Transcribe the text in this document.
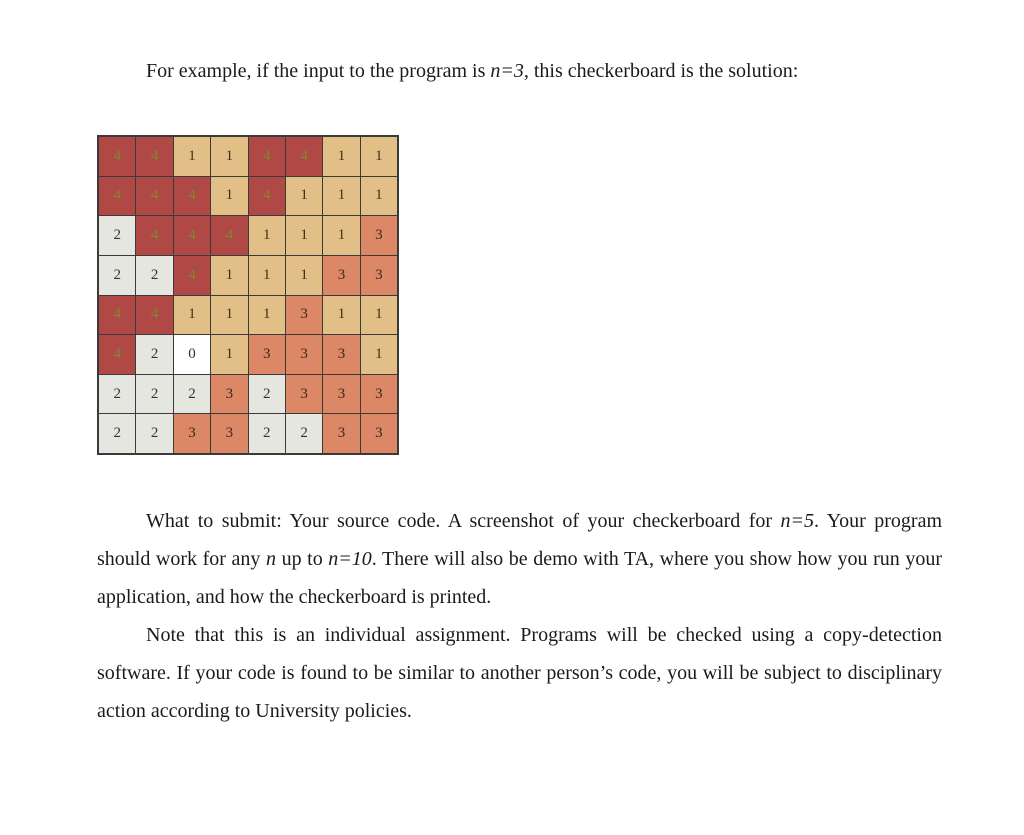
For example, if the input to the program is n=3, this checkerboard is the solution:

4	4	1	1	4	4	1	1
4	4	4	1	4	1	1	1
2	4	4	4	1	1	1	3
2	2	4	1	1	1	3	3
4	4	1	1	1	3	1	1
4	2	0	1	3	3	3	1
2	2	2	3	2	3	3	3
2	2	3	3	2	2	3	3

What to submit: Your source code. A screenshot of your checkerboard for n=5. Your program should work for any n up to n=10. There will also be demo with TA, where you show how you run your application, and how the checkerboard is printed.

Note that this is an individual assignment. Programs will be checked using a copy-detection software. If your code is found to be similar to another person’s code, you will be subject to disciplinary action according to University policies.
